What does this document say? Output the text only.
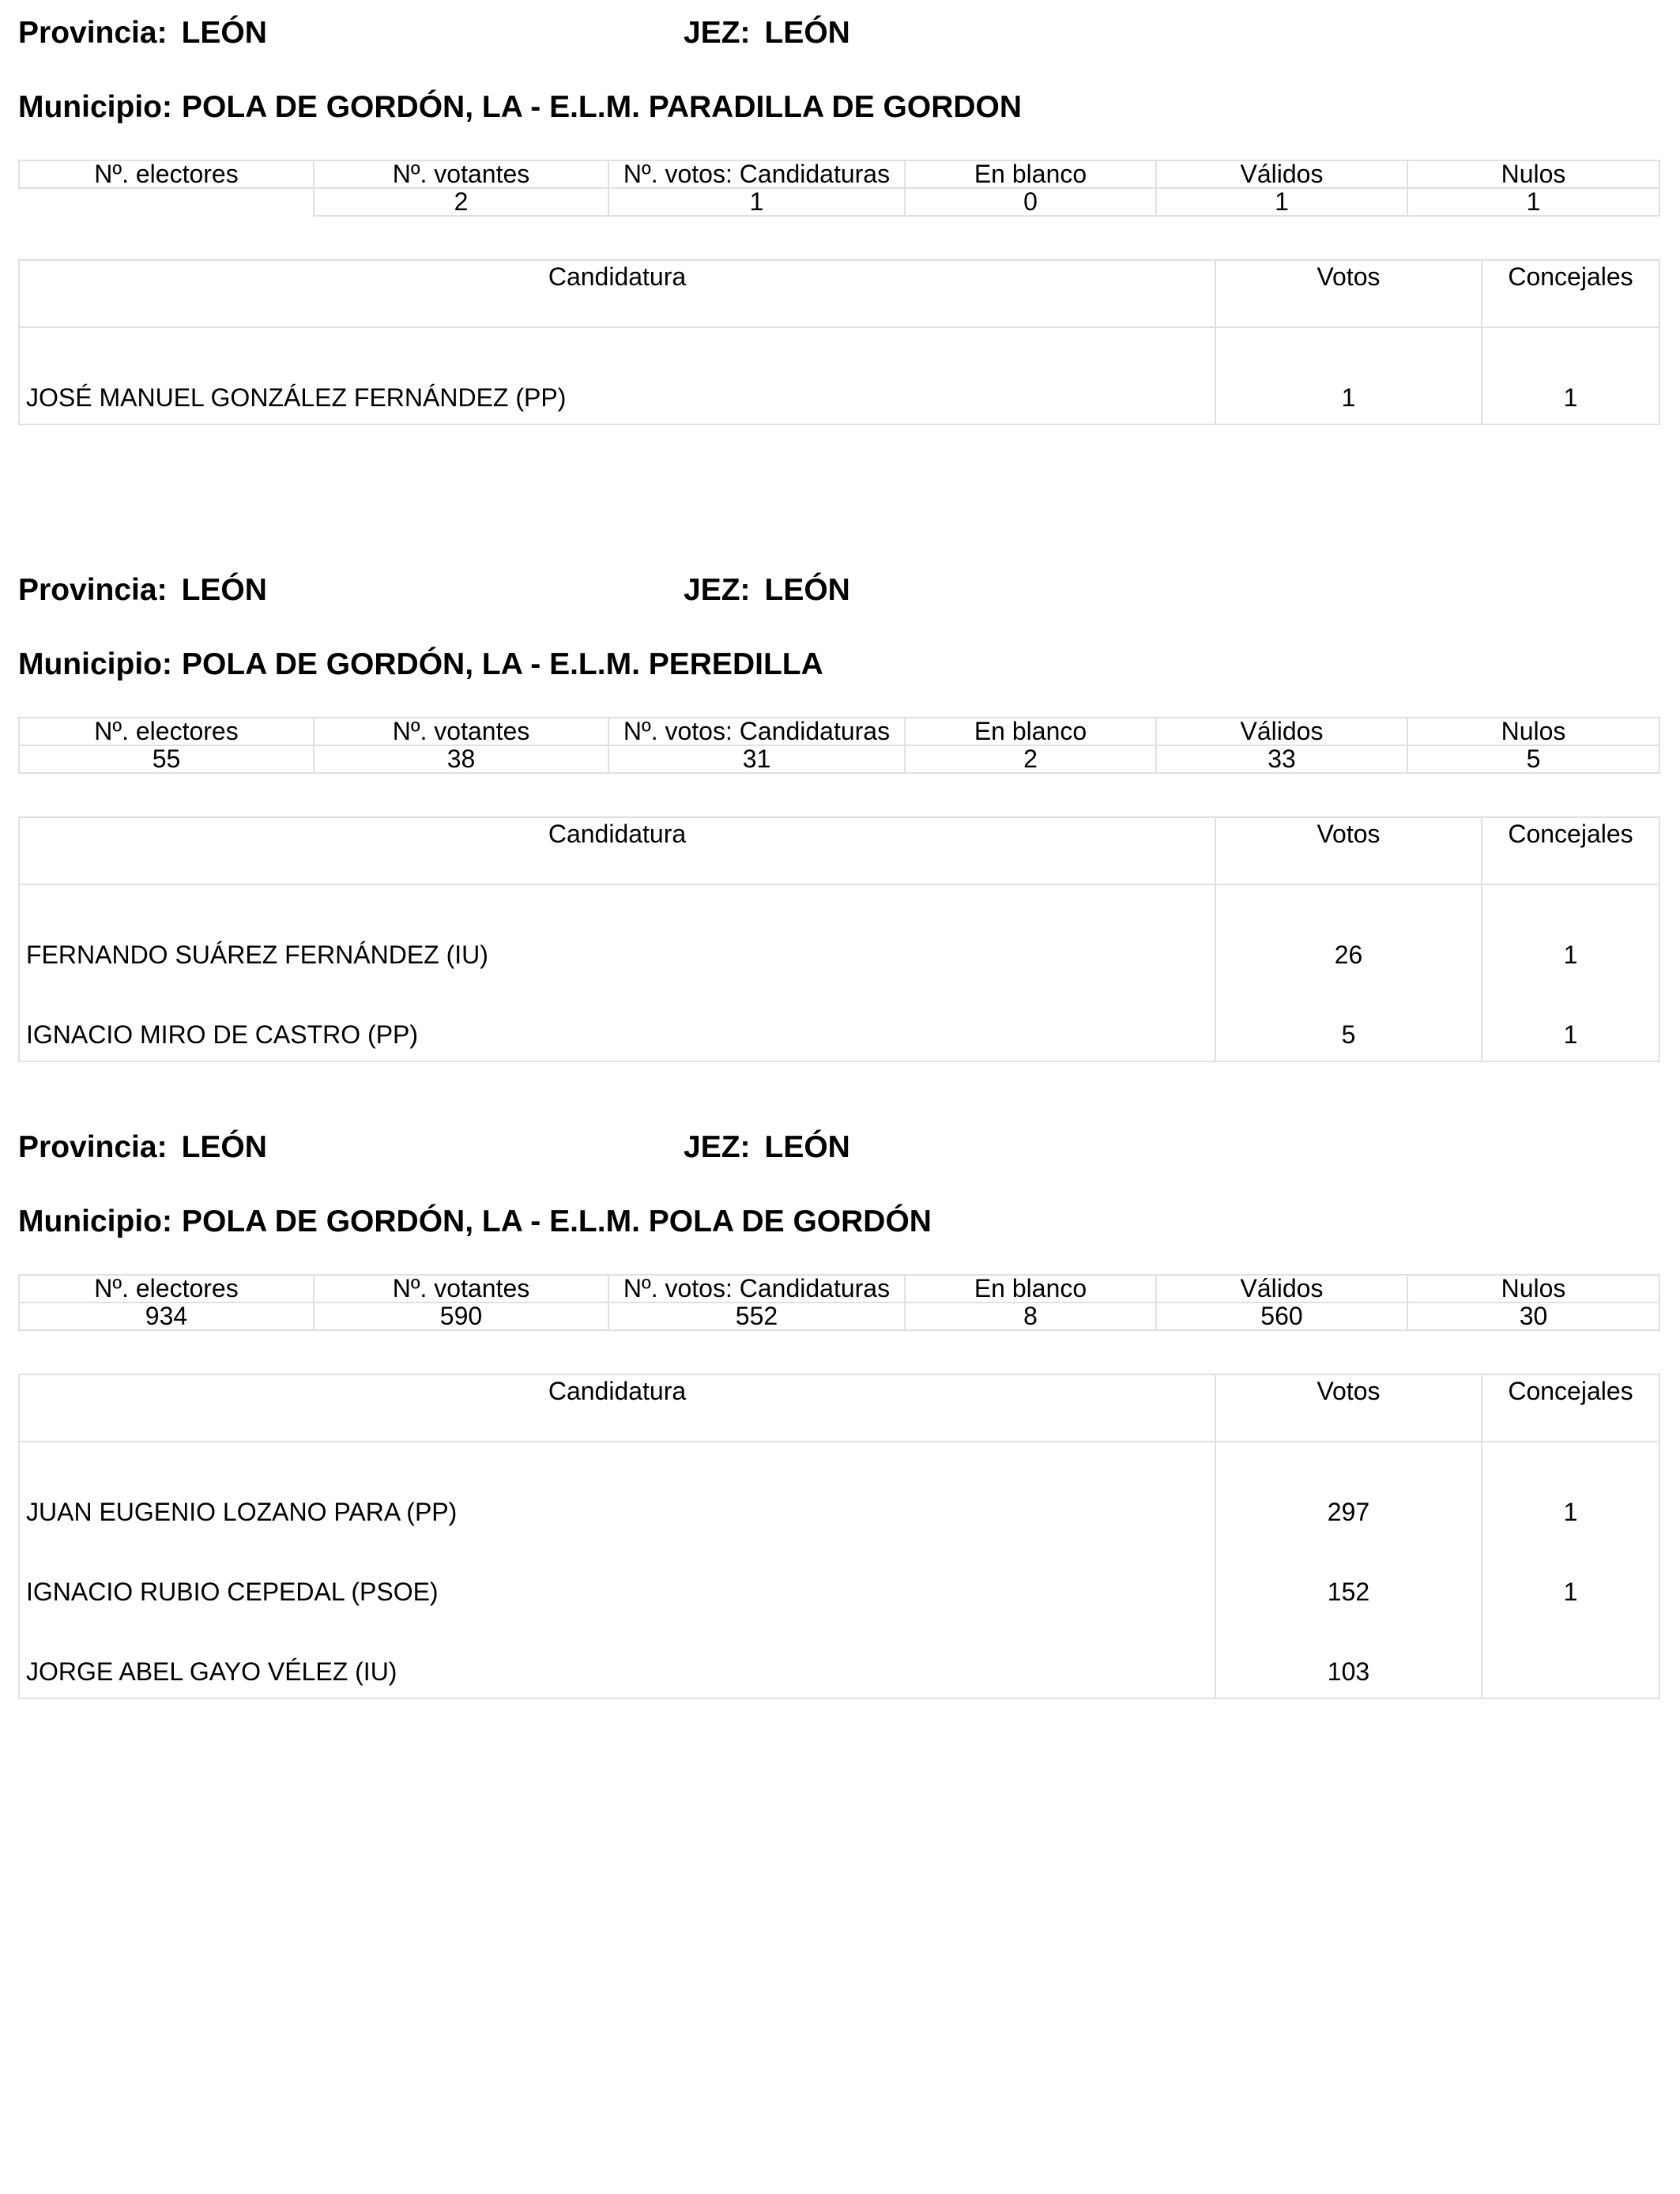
Provincia: LEÓN	JEZ: LEÓN
Municipio: POLA DE GORDÓN, LA - E.L.M. PARADILLA DE GORDON
Nº. electores	Nº. votantes	Nº. votos: Candidaturas	En blanco	Válidos	Nulos
	2	1	0	1	1
Candidatura	Votos	Concejales
JOSÉ MANUEL GONZÁLEZ FERNÁNDEZ (PP)	1	1
Provincia: LEÓN	JEZ: LEÓN
Municipio: POLA DE GORDÓN, LA - E.L.M. PEREDILLA
Nº. electores	Nº. votantes	Nº. votos: Candidaturas	En blanco	Válidos	Nulos
55	38	31	2	33	5
Candidatura	Votos	Concejales
FERNANDO SUÁREZ FERNÁNDEZ (IU)	26	1
IGNACIO MIRO DE CASTRO (PP)	5	1
Provincia: LEÓN	JEZ: LEÓN
Municipio: POLA DE GORDÓN, LA - E.L.M. POLA DE GORDÓN
Nº. electores	Nº. votantes	Nº. votos: Candidaturas	En blanco	Válidos	Nulos
934	590	552	8	560	30
Candidatura	Votos	Concejales
JUAN EUGENIO LOZANO PARA (PP)	297	1
IGNACIO RUBIO CEPEDAL (PSOE)	152	1
JORGE ABEL GAYO VÉLEZ (IU)	103	
